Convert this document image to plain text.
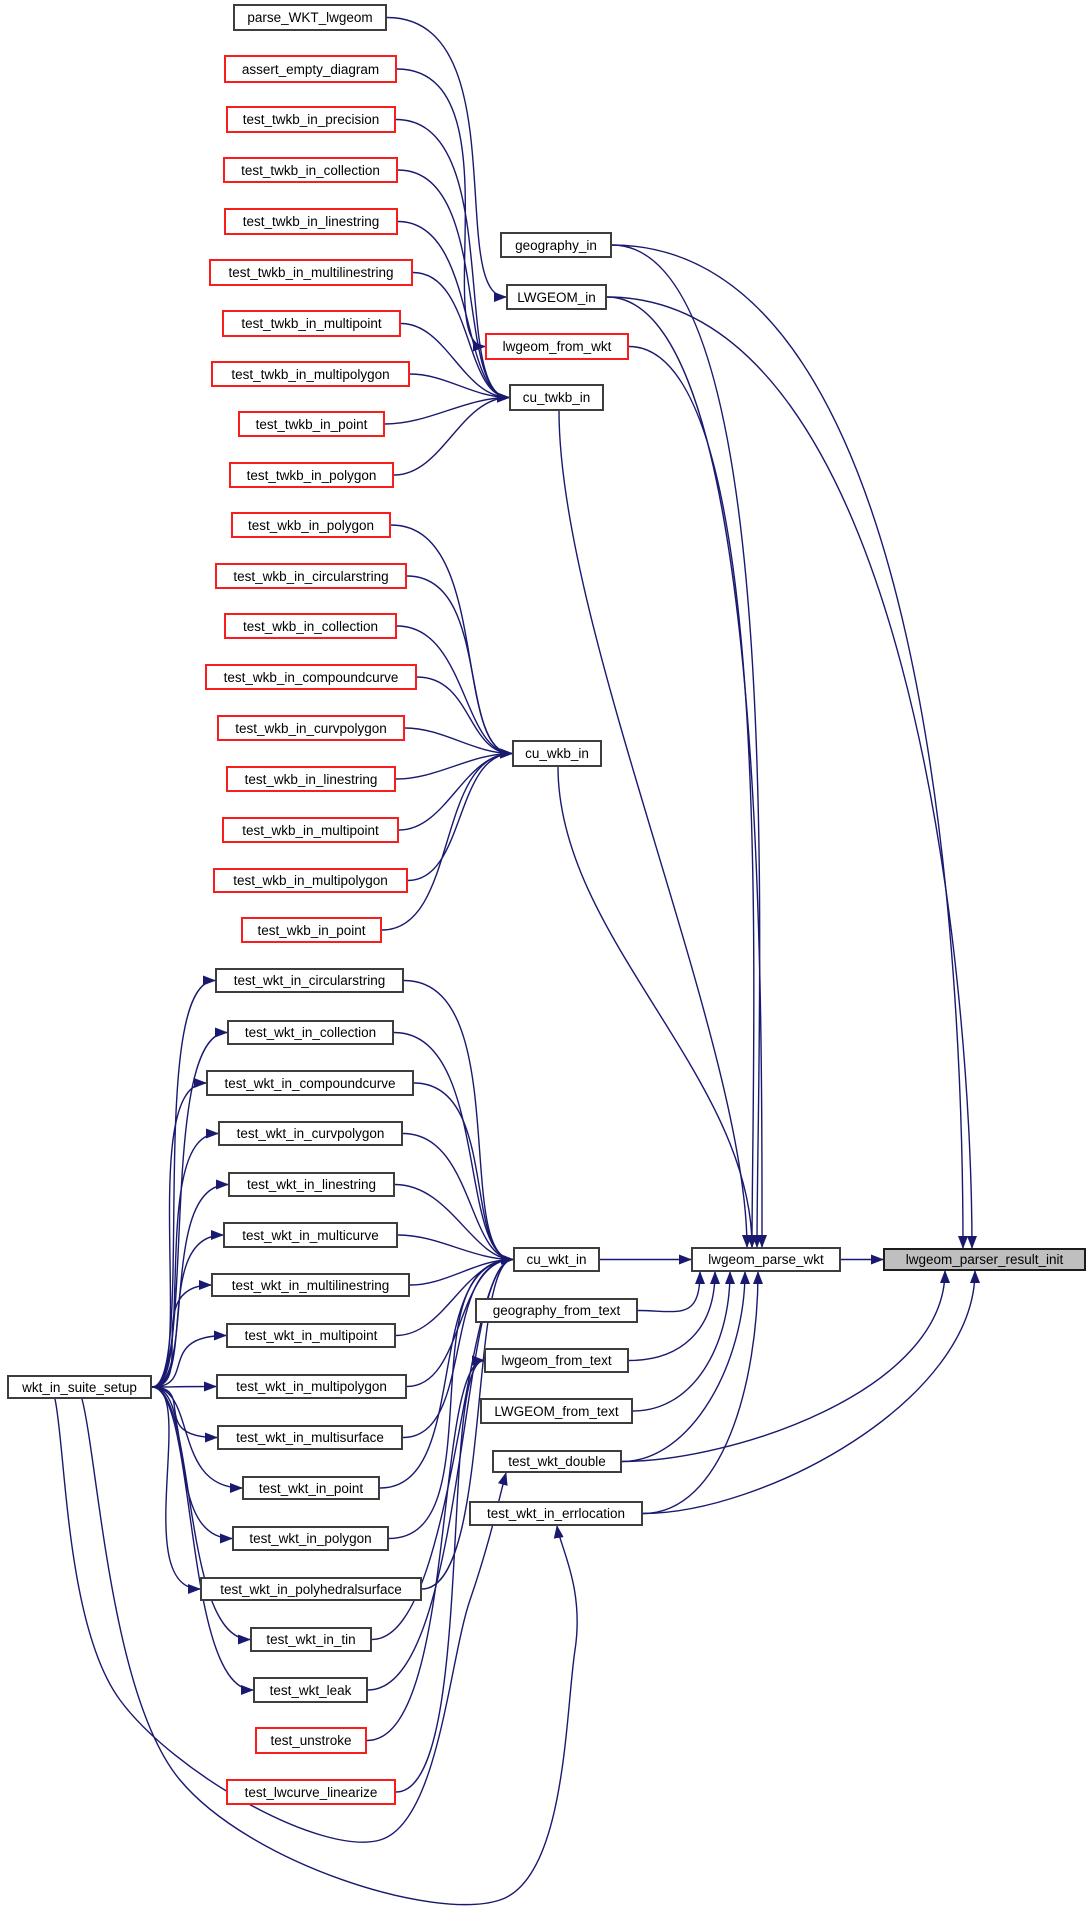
parse_WKT_lwgeom
assert_empty_diagram
test_twkb_in_precision
test_twkb_in_collection
test_twkb_in_linestring
test_twkb_in_multilinestring
test_twkb_in_multipoint
test_twkb_in_multipolygon
test_twkb_in_point
test_twkb_in_polygon
test_wkb_in_polygon
test_wkb_in_circularstring
test_wkb_in_collection
test_wkb_in_compoundcurve
test_wkb_in_curvpolygon
test_wkb_in_linestring
test_wkb_in_multipoint
test_wkb_in_multipolygon
test_wkb_in_point
test_wkt_in_circularstring
test_wkt_in_collection
test_wkt_in_compoundcurve
test_wkt_in_curvpolygon
test_wkt_in_linestring
test_wkt_in_multicurve
test_wkt_in_multilinestring
test_wkt_in_multipoint
test_wkt_in_multipolygon
test_wkt_in_multisurface
test_wkt_in_point
test_wkt_in_polygon
test_wkt_in_polyhedralsurface
test_wkt_in_tin
test_wkt_leak
test_unstroke
test_lwcurve_linearize
wkt_in_suite_setup
geography_in
LWGEOM_in
lwgeom_from_wkt
cu_twkb_in
cu_wkb_in
cu_wkt_in
geography_from_text
lwgeom_from_text
LWGEOM_from_text
test_wkt_double
test_wkt_in_errlocation
lwgeom_parse_wkt	lwgeom_parser_result_init
